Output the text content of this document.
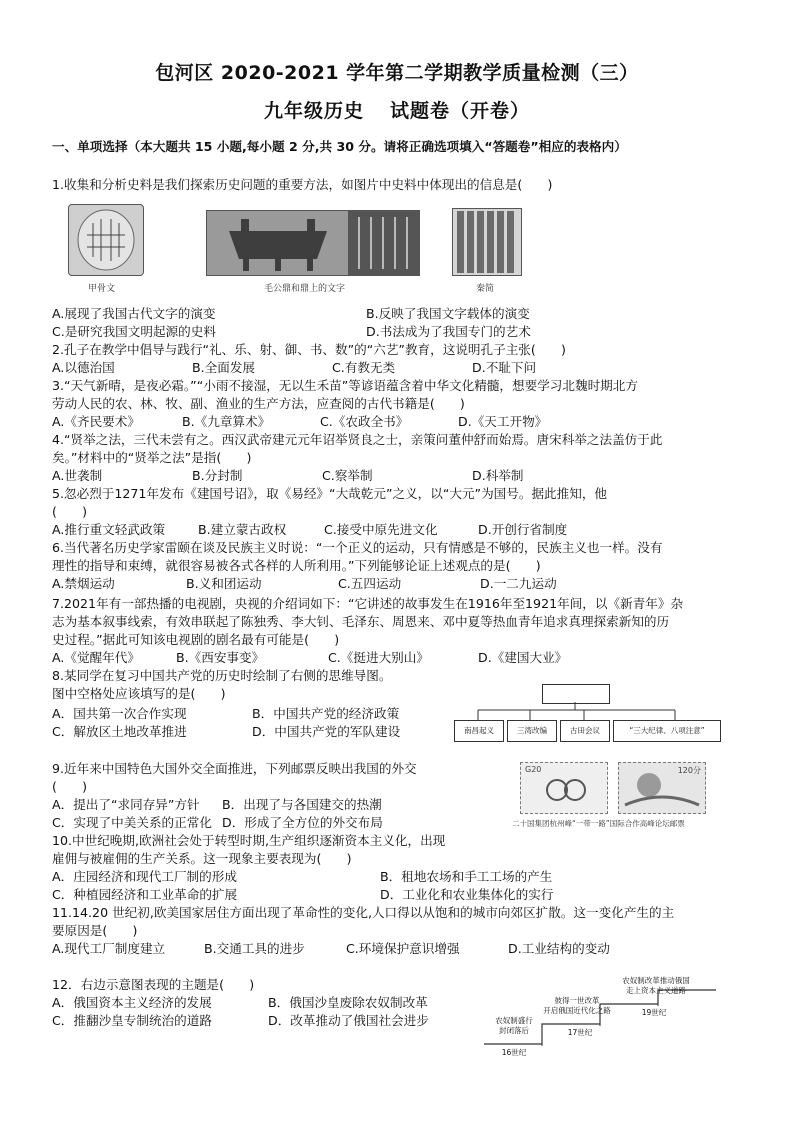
包河区 2020-2021 学年第二学期教学质量检测（三）
九年级历史 试题卷（开卷）
一、单项选择（本大题共 15 小题,每小题 2 分,共 30 分。请将正确选项填入“答题卷”相应的表格内）
1.收集和分析史料是我们探索历史问题的重要方法，如图片中史料中体现出的信息是(　　)
甲骨文	毛公鼎和鼎上的文字	秦简
A.展现了我国古代文字的演变	B.反映了我国文字载体的演变
C.是研究我国文明起源的史料	D.书法成为了我国专门的艺术
2.孔子在教学中倡导与践行“礼、乐、射、御、书、数”的“六艺”教育，这说明孔子主张(　　)
A.以德治国	B.全面发展	C.有教无类	D.不耻下问
3.“天气新晴，是夜必霜。”“小雨不接湿，无以生禾苗”等谚语蕴含着中华文化精髓，想要学习北魏时期北方
劳动人民的农、林、牧、副、渔业的生产方法，应查阅的古代书籍是(　　)
A.《齐民要术》	B.《九章算术》	C.《农政全书》	D.《天工开物》
4.“贤举之法，三代未尝有之。西汉武帝建元元年诏举贤良之士，亲策问董仲舒而始焉。唐宋科举之法盖仿于此
矣。”材料中的“贤举之法”是指(　　)
A.世袭制	B.分封制	C.察举制	D.科举制
5.忽必烈于1271年发布《建国号诏》，取《易经》“大哉乾元”之义，以“大元”为国号。据此推知，他
(　　)
A.推行重文轻武政策	B.建立蒙古政权	C.接受中原先进文化	D.开创行省制度
6.当代著名历史学家雷颐在谈及民族主义时说：“一个正义的运动，只有情感是不够的，民族主义也一样。没有
理性的指导和束缚，就很容易被各式各样的人所利用。”下列能够论证上述观点的是(　　)
A.禁烟运动	B.义和团运动	C.五四运动	D.一二九运动
7.2021年有一部热播的电视剧，央视的介绍词如下：“它讲述的故事发生在1916年至1921年间，以《新青年》杂
志为基本叙事线索，有效串联起了陈独秀、李大钊、毛泽东、周恩来、邓中夏等热血青年追求真理探索新知的历
史过程。”据此可知该电视剧的剧名最有可能是(　　)
A.《觉醒年代》	B.《西安事变》	C.《挺进大别山》	D.《建国大业》
8.某同学在复习中国共产党的历史时绘制了右侧的思维导图。
图中空格处应该填写的是(　　)
A．国共第一次合作实现	B．中国共产党的经济政策
C．解放区土地改革推进	D．中国共产党的军队建设	南昌起义	三湾改编	古田会议	“三大纪律、八项注意”
9.近年来中国特色大国外交全面推进，下列邮票反映出我国的外交
(　　)
A．提出了“求同存异”方针 B．出现了与各国建交的热潮
C．实现了中美关系的正常化 D．形成了全方位的外交布局
G20	120分
二十国集团杭州峰“一带一路”国际合作高峰论坛邮票
10.中世纪晚期,欧洲社会处于转型时期,生产组织逐渐资本主义化，出现
雇佣与被雇佣的生产关系。这一现象主要表现为(　　)
A．庄园经济和现代工厂制的形成	B．租地农场和手工工场的产生
C．种植园经济和工业革命的扩展	D．工业化和农业集体化的实行
11.14.20 世纪初,欧美国家居住方面出现了革命性的变化,人口得以从饱和的城市向郊区扩散。这一变化产生的主
要原因是(　　)
A.现代工厂制度建立	B.交通工具的进步	C.环境保护意识增强	D.工业结构的变动
12．右边示意图表现的主题是(　　)
A．俄国资本主义经济的发展	B．俄国沙皇废除农奴制改革
C．推翻沙皇专制统治的道路	D．改革推动了俄国社会进步	农奴制盛行
封闭落后
彼得一世改革
开启俄国近代化之路
农奴制改革推动俄国
走上资本主义道路
16世纪
17世纪
19世纪
